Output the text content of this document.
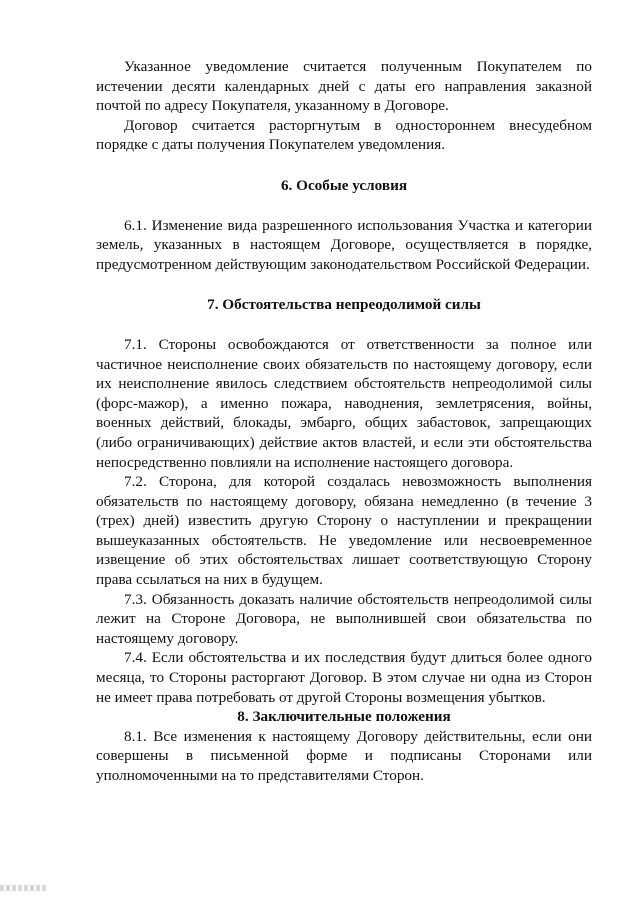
Указанное уведомление считается полученным Покупателем по истечении десяти календарных дней с даты его направления заказной почтой по адресу Покупателя, указанному в Договоре.

Договор считается расторгнутым в одностороннем внесудебном порядке с даты получения Покупателем уведомления.

6. Особые условия

6.1. Изменение вида разрешенного использования Участка и категории земель, указанных в настоящем Договоре, осуществляется в порядке, предусмотренном действующим законодательством Российской Федерации.

7. Обстоятельства непреодолимой силы

7.1. Стороны освобождаются от ответственности за полное или частичное неисполнение своих обязательств по настоящему договору, если их неисполнение явилось следствием обстоятельств непреодолимой силы (форс-мажор), а именно пожара, наводнения, землетрясения, войны, военных действий, блокады, эмбарго, общих забастовок, запрещающих (либо ограничивающих) действие актов властей, и если эти обстоятельства непосредственно повлияли на исполнение настоящего договора.

7.2. Сторона, для которой создалась невозможность выполнения обязательств по настоящему договору, обязана немедленно (в течение 3 (трех) дней) известить другую Сторону о наступлении и прекращении вышеуказанных обстоятельств. Не уведомление или несвоевременное извещение об этих обстоятельствах лишает соответствующую Сторону права ссылаться на них в будущем.

7.3. Обязанность доказать наличие обстоятельств непреодолимой силы лежит на Стороне Договора, не выполнившей свои обязательства по настоящему договору.

7.4. Если обстоятельства и их последствия будут длиться более одного месяца, то Стороны расторгают Договор. В этом случае ни одна из Сторон не имеет права потребовать от другой Стороны возмещения убытков.

8. Заключительные положения

8.1. Все изменения к настоящему Договору действительны, если они совершены в письменной форме и подписаны Сторонами или уполномоченными на то представителями Сторон.
